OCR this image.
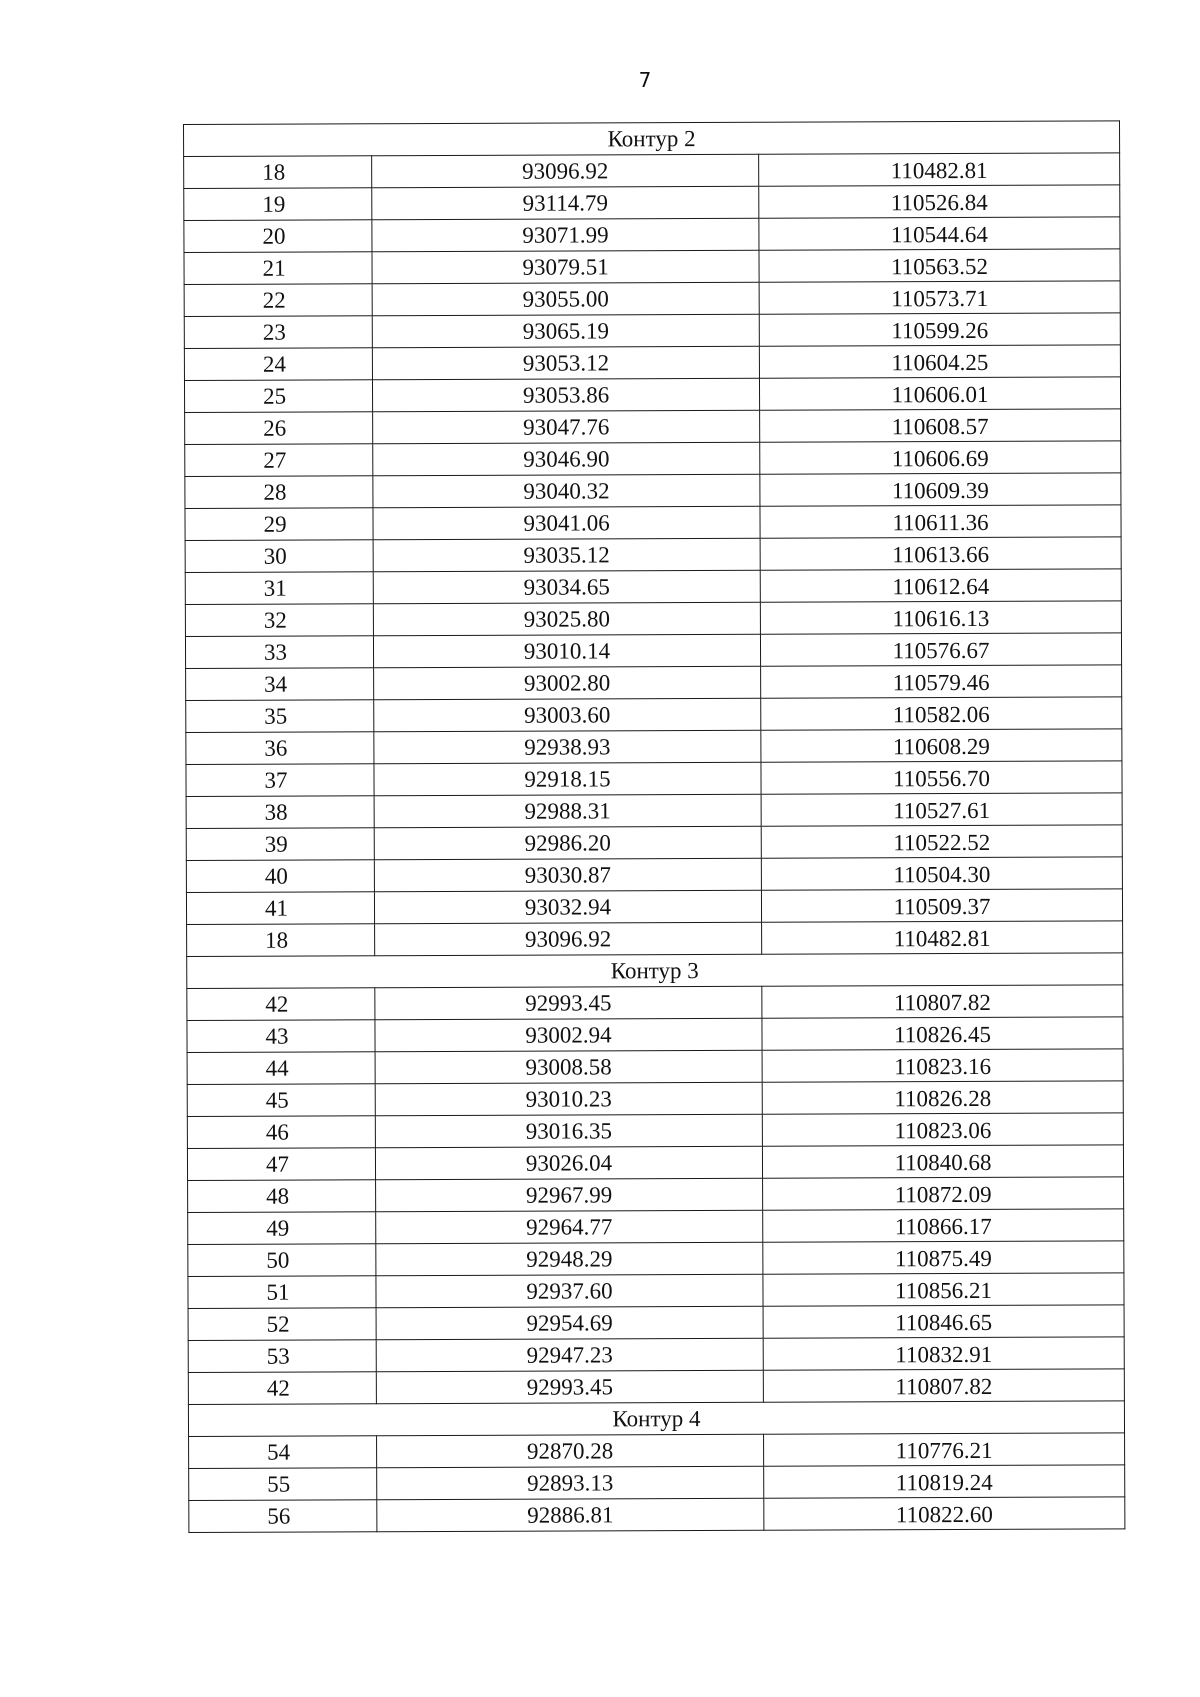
7
Контур 2		
18	93096.92	110482.81
19	93114.79	110526.84
20	93071.99	110544.64
21	93079.51	110563.52
22	93055.00	110573.71
23	93065.19	110599.26
24	93053.12	110604.25
25	93053.86	110606.01
26	93047.76	110608.57
27	93046.90	110606.69
28	93040.32	110609.39
29	93041.06	110611.36
30	93035.12	110613.66
31	93034.65	110612.64
32	93025.80	110616.13
33	93010.14	110576.67
34	93002.80	110579.46
35	93003.60	110582.06
36	92938.93	110608.29
37	92918.15	110556.70
38	92988.31	110527.61
39	92986.20	110522.52
40	93030.87	110504.30
41	93032.94	110509.37
18	93096.92	110482.81
Контур 3		
42	92993.45	110807.82
43	93002.94	110826.45
44	93008.58	110823.16
45	93010.23	110826.28
46	93016.35	110823.06
47	93026.04	110840.68
48	92967.99	110872.09
49	92964.77	110866.17
50	92948.29	110875.49
51	92937.60	110856.21
52	92954.69	110846.65
53	92947.23	110832.91
42	92993.45	110807.82
Контур 4		
54	92870.28	110776.21
55	92893.13	110819.24
56	92886.81	110822.60
